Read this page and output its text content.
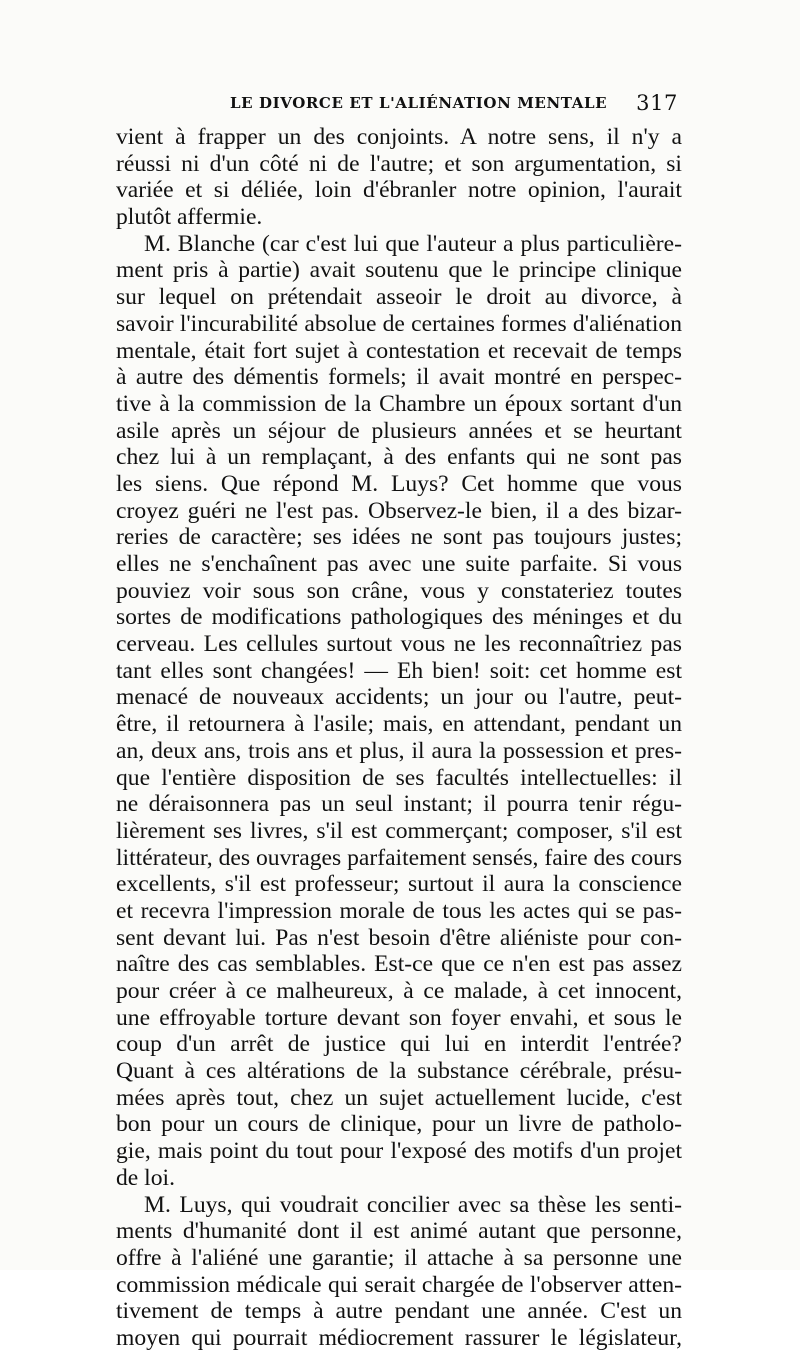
LE DIVORCE ET L'ALIÉNATION MENTALE 317
vient à frapper un des conjoints. A notre sens, il n'y a
réussi ni d'un côté ni de l'autre; et son argumentation, si
variée et si déliée, loin d'ébranler notre opinion, l'aurait
plutôt affermie.
M. Blanche (car c'est lui que l'auteur a plus particulière-
ment pris à partie) avait soutenu que le principe clinique
sur lequel on prétendait asseoir le droit au divorce, à
savoir l'incurabilité absolue de certaines formes d'aliénation
mentale, était fort sujet à contestation et recevait de temps
à autre des démentis formels; il avait montré en perspec-
tive à la commission de la Chambre un époux sortant d'un
asile après un séjour de plusieurs années et se heurtant
chez lui à un remplaçant, à des enfants qui ne sont pas
les siens. Que répond M. Luys? Cet homme que vous
croyez guéri ne l'est pas. Observez-le bien, il a des bizar-
reries de caractère; ses idées ne sont pas toujours justes;
elles ne s'enchaînent pas avec une suite parfaite. Si vous
pouviez voir sous son crâne, vous y constateriez toutes
sortes de modifications pathologiques des méninges et du
cerveau. Les cellules surtout vous ne les reconnaîtriez pas
tant elles sont changées! — Eh bien! soit: cet homme est
menacé de nouveaux accidents; un jour ou l'autre, peut-
être, il retournera à l'asile; mais, en attendant, pendant un
an, deux ans, trois ans et plus, il aura la possession et pres-
que l'entière disposition de ses facultés intellectuelles: il
ne déraisonnera pas un seul instant; il pourra tenir régu-
lièrement ses livres, s'il est commerçant; composer, s'il est
littérateur, des ouvrages parfaitement sensés, faire des cours
excellents, s'il est professeur; surtout il aura la conscience
et recevra l'impression morale de tous les actes qui se pas-
sent devant lui. Pas n'est besoin d'être aliéniste pour con-
naître des cas semblables. Est-ce que ce n'en est pas assez
pour créer à ce malheureux, à ce malade, à cet innocent,
une effroyable torture devant son foyer envahi, et sous le
coup d'un arrêt de justice qui lui en interdit l'entrée?
Quant à ces altérations de la substance cérébrale, présu-
mées après tout, chez un sujet actuellement lucide, c'est
bon pour un cours de clinique, pour un livre de patholo-
gie, mais point du tout pour l'exposé des motifs d'un projet
de loi.
M. Luys, qui voudrait concilier avec sa thèse les senti-
ments d'humanité dont il est animé autant que personne,
offre à l'aliéné une garantie; il attache à sa personne une
commission médicale qui serait chargée de l'observer atten-
tivement de temps à autre pendant une année. C'est un
moyen qui pourrait médiocrement rassurer le législateur,
